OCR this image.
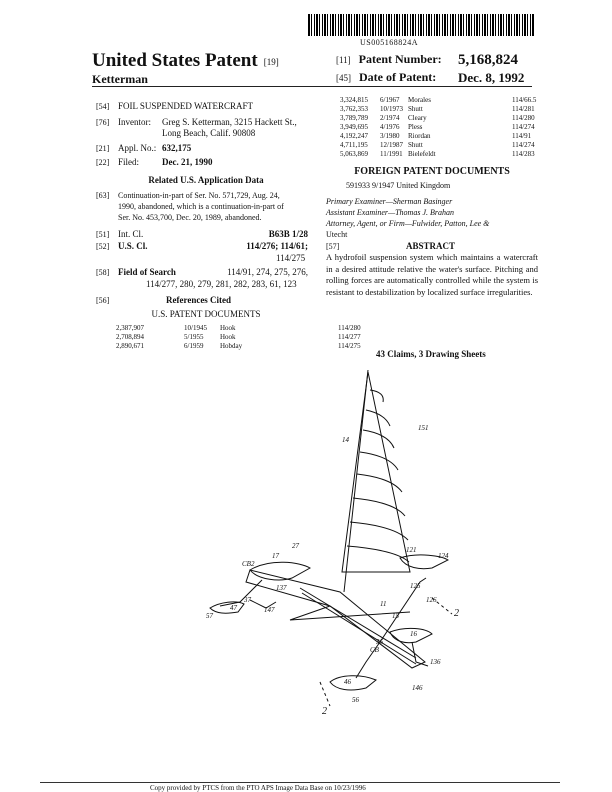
US005168824A
United States Patent [19]
Ketterman
[11] Patent Number: 5,168,824
[45] Date of Patent: Dec. 8, 1992
[54] FOIL SUSPENDED WATERCRAFT
[76] Inventor: Greg S. Ketterman, 3215 Hackett St.,
Long Beach, Calif. 90808
[21] Appl. No.: 632,175
[22] Filed:	Dec. 21, 1990
Related U.S. Application Data
[63] Continuation-in-part of Ser. No. 571,729, Aug. 24,
1990, abandoned, which is a continuation-in-part of
Ser. No. 453,700, Dec. 20, 1989, abandoned.
[51] Int. Cl.	B63B 1/28
[52] U.S. Cl.	114/276; 114/61;
114/275
[58] Field of Search	114/91, 274, 275, 276,
114/277, 280, 279, 281, 282, 283, 61, 123
[56]	References Cited
U.S. PATENT DOCUMENTS
2,387,907	10/1945 Hook	114/280
2,708,894	5/1955 Hook	114/277
2,890,671	6/1959 Hobday	114/275
3,324,815 6/1967 Morales	114/66.5
3,762,353 10/1973 Shutt	114/281
3,789,789 2/1974 Cleary	114/280
3,949,695 4/1976 Pless	114/274
4,192,247 3/1980 Riordan	114/91
4,711,195 12/1987 Shutt	114/274
5,063,869 11/1991 Bielefeldt	114/283
FOREIGN PATENT DOCUMENTS
591933 9/1947 United Kingdom
Primary Examiner—Sherman Basinger
Assistant Examiner—Thomas J. Brahan
Attorney, Agent, or Firm—Fulwider, Patton, Lee &
Utecht
[57]	ABSTRACT
A hydrofoil suspension system which maintains a watercraft in a desired attitude relative the water's surface. Pitching and rolling forces are automatically controlled while the system is resistant to destabilization by localized surface irregularities.
43 Claims, 3 Drawing Sheets
14
151
27
17
CB2
137
37
147
47
57
124
125
121
11
15
126
2
16
136
36
CB
146
46
56
2
Copy provided by PTCS from the PTO APS Image Data Base on 10/23/1996
